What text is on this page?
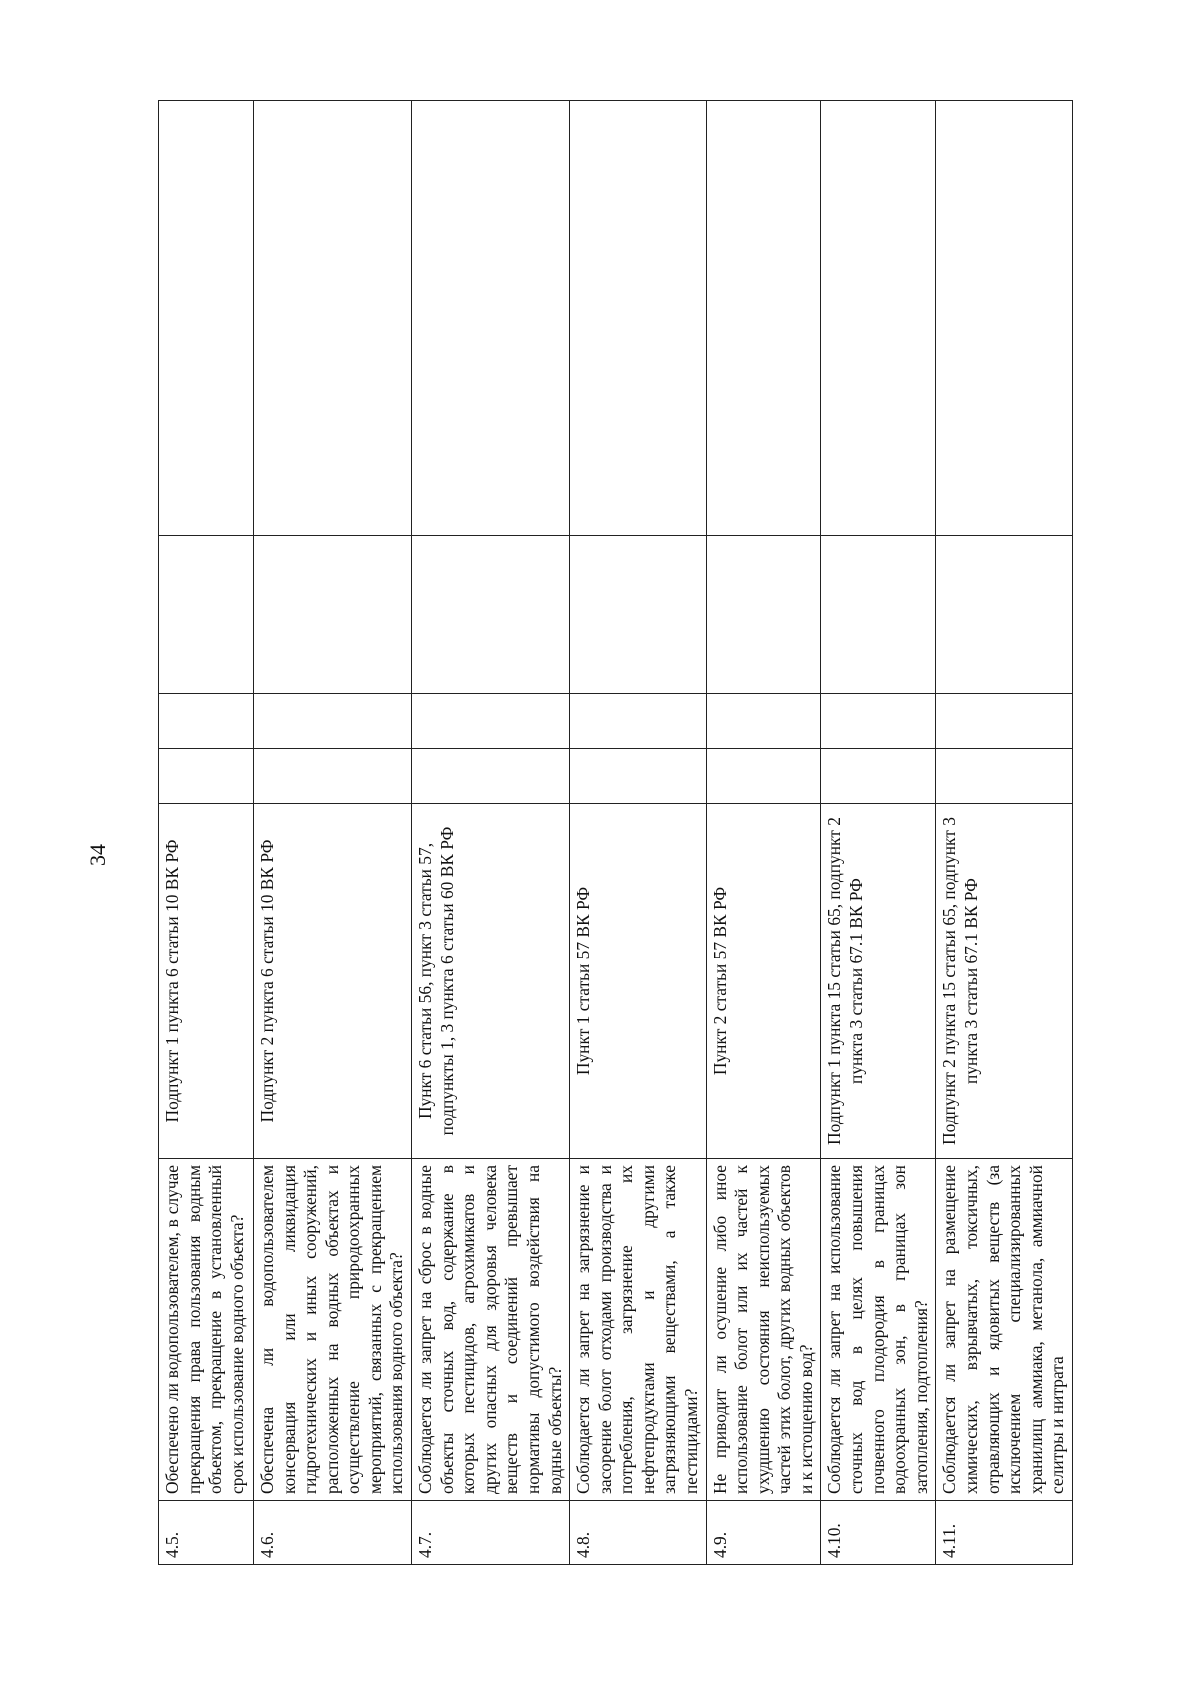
34
4.5.	Обеспечено ли водопользователем, в случае прекращения права пользования водным объектом, прекращение в установленный срок использование водного объекта?	Подпункт 1 пункта 6 статьи 10 ВК РФ				
4.6.	Обеспечена ли водопользователем консервация или ликвидация гидротехнических и иных сооружений, расположенных на водных объектах и осуществление природоохранных мероприятий, связанных с прекращением использования водного объекта?	Подпункт 2 пункта 6 статьи 10 ВК РФ				
4.7.	Соблюдается ли запрет на сброс в водные объекты сточных вод, содержание в которых пестицидов, агрохимикатов и других опасных для здоровья человека веществ и соединений превышает нормативы допустимого воздействия на водные объекты?	Пункт 6 статьи 56, пункт 3 статьи 57, подпункты 1, 3 пункта 6 статьи 60 ВК РФ				
4.8.	Соблюдается ли запрет на загрязнение и засорение болот отходами производства и потребления, загрязнение их нефтепродуктами и другими загрязняющими веществами, а также пестицидами?	Пункт 1 статьи 57 ВК РФ				
4.9.	Не приводит ли осушение либо иное использование болот или их частей к ухудшению состояния неиспользуемых частей этих болот, других водных объектов и к истощению вод?	Пункт 2 статьи 57 ВК РФ				
4.10.	Соблюдается ли запрет на использование сточных вод в целях повышения почвенного плодородия в границах водоохранных зон, в границах зон затопления, подтопления?	Подпункт 1 пункта 15 статьи 65, подпункт 2 пункта 3 статьи 67.1 ВК РФ				
4.11.	Соблюдается ли запрет на размещение химических, взрывчатых, токсичных, отравляющих и ядовитых веществ (за исключением специализированных хранилищ аммиака, метанола, аммиачной селитры и нитрата	Подпункт 2 пункта 15 статьи 65, подпункт 3 пункта 3 статьи 67.1 ВК РФ				
